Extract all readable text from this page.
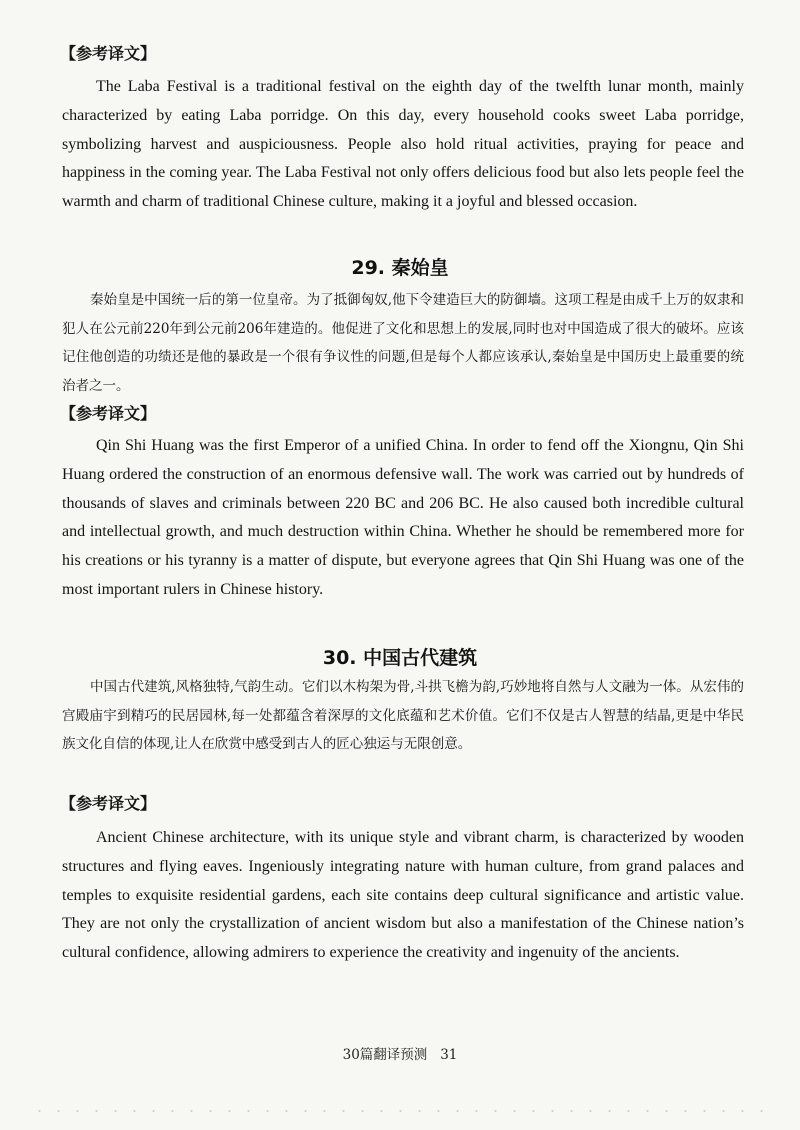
【参考译文】

The Laba Festival is a traditional festival on the eighth day of the twelfth lunar month, mainly characterized by eating Laba porridge. On this day, every household cooks sweet Laba porridge, symbolizing harvest and auspiciousness. People also hold ritual activities, praying for peace and happiness in the coming year. The Laba Festival not only offers delicious food but also lets people feel the warmth and charm of traditional Chinese culture, making it a joyful and blessed occasion.

29. 秦始皇

秦始皇是中国统一后的第一位皇帝。为了抵御匈奴,他下令建造巨大的防御墙。这项工程是由成千上万的奴隶和犯人在公元前220年到公元前206年建造的。他促进了文化和思想上的发展,同时也对中国造成了很大的破坏。应该记住他创造的功绩还是他的暴政是一个很有争议性的问题,但是每个人都应该承认,秦始皇是中国历史上最重要的统治者之一。

【参考译文】

Qin Shi Huang was the first Emperor of a unified China. In order to fend off the Xiongnu, Qin Shi Huang ordered the construction of an enormous defensive wall. The work was carried out by hundreds of thousands of slaves and criminals between 220 BC and 206 BC. He also caused both incredible cultural and intellectual growth, and much destruction within China. Whether he should be remembered more for his creations or his tyranny is a matter of dispute, but everyone agrees that Qin Shi Huang was one of the most important rulers in Chinese history.

30. 中国古代建筑

中国古代建筑,风格独特,气韵生动。它们以木构架为骨,斗拱飞檐为韵,巧妙地将自然与人文融为一体。从宏伟的宫殿庙宇到精巧的民居园林,每一处都蕴含着深厚的文化底蕴和艺术价值。它们不仅是古人智慧的结晶,更是中华民族文化自信的体现,让人在欣赏中感受到古人的匠心独运与无限创意。

【参考译文】

Ancient Chinese architecture, with its unique style and vibrant charm, is characterized by wooden structures and flying eaves. Ingeniously integrating nature with human culture, from grand palaces and temples to exquisite residential gardens, each site contains deep cultural significance and artistic value. They are not only the crystallization of ancient wisdom but also a manifestation of the Chinese nation’s cultural confidence, allowing admirers to experience the creativity and ingenuity of the ancients.

30篇翻译预测 31
